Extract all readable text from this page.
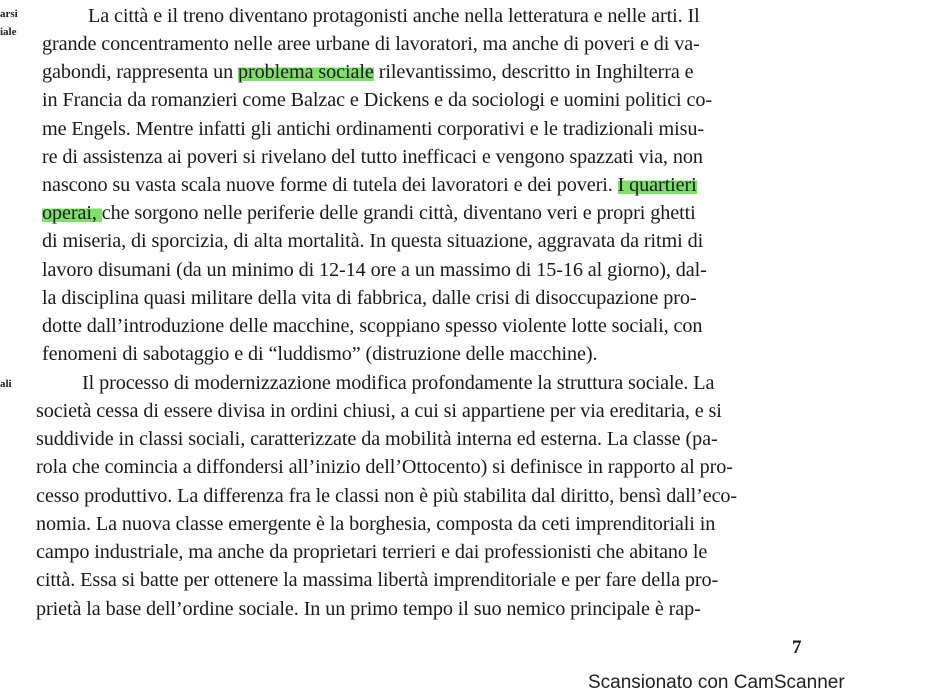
arsi
iale
ali
La città e il treno diventano protagonisti anche nella letteratura e nelle arti. Il
grande concentramento nelle aree urbane di lavoratori, ma anche di poveri e di va-
gabondi, rappresenta un problema sociale rilevantissimo, descritto in Inghilterra e
in Francia da romanzieri come Balzac e Dickens e da sociologi e uomini politici co-
me Engels. Mentre infatti gli antichi ordinamenti corporativi e le tradizionali misu-
re di assistenza ai poveri si rivelano del tutto inefficaci e vengono spazzati via, non
nascono su vasta scala nuove forme di tutela dei lavoratori e dei poveri. I quartieri
operai, che sorgono nelle periferie delle grandi città, diventano veri e propri ghetti
di miseria, di sporcizia, di alta mortalità. In questa situazione, aggravata da ritmi di
lavoro disumani (da un minimo di 12-14 ore a un massimo di 15-16 al giorno), dal-
la disciplina quasi militare della vita di fabbrica, dalle crisi di disoccupazione pro-
dotte dall’introduzione delle macchine, scoppiano spesso violente lotte sociali, con
fenomeni di sabotaggio e di “luddismo” (distruzione delle macchine).
Il processo di modernizzazione modifica profondamente la struttura sociale. La
società cessa di essere divisa in ordini chiusi, a cui si appartiene per via ereditaria, e si
suddivide in classi sociali, caratterizzate da mobilità interna ed esterna. La classe (pa-
rola che comincia a diffondersi all’inizio dell’Ottocento) si definisce in rapporto al pro-
cesso produttivo. La differenza fra le classi non è più stabilita dal diritto, bensì dall’eco-
nomia. La nuova classe emergente è la borghesia, composta da ceti imprenditoriali in
campo industriale, ma anche da proprietari terrieri e dai professionisti che abitano le
città. Essa si batte per ottenere la massima libertà imprenditoriale e per fare della pro-
prietà la base dell’ordine sociale. In un primo tempo il suo nemico principale è rap-
7
Scansionato con CamScanner
